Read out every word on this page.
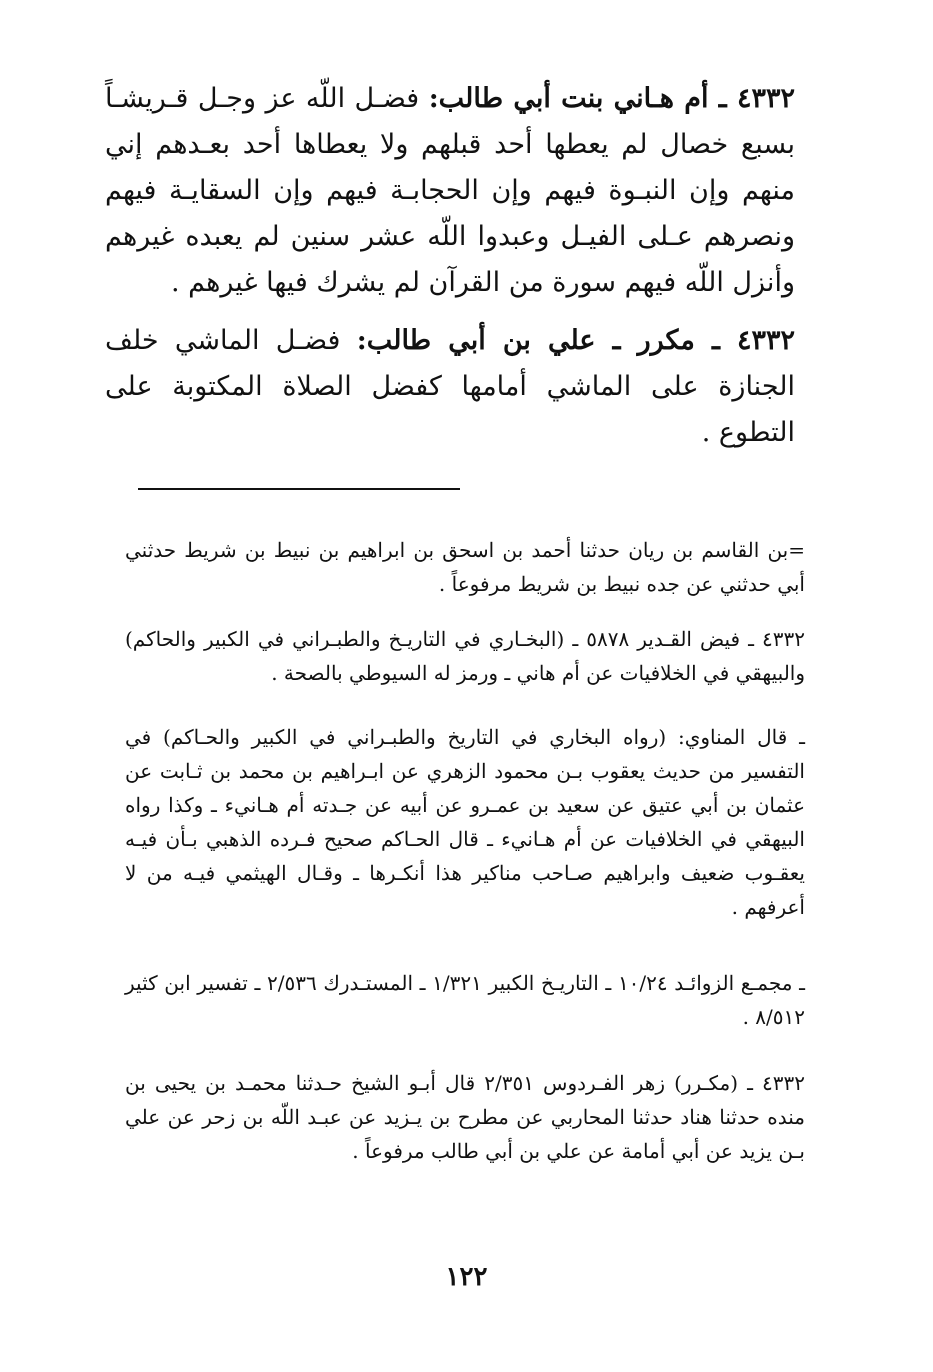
٤٣٣٢ ـ أم هـاني بنت أبي طالب: فضـل اللّه عز وجـل قـريشـاً بسبع خصال لم يعطها أحد قبلهم ولا يعطاها أحد بعـدهم إني منهم وإن النبـوة فيهم وإن الحجابـة فيهم وإن السقايـة فيهم ونصرهم عـلى الفيـل وعبدوا اللّه عشر سنين لم يعبده غيرهم وأنزل اللّه فيهم سورة من القرآن لم يشرك فيها غيرهم .
٤٣٣٢ ـ مكرر ـ علي بن أبي طالب: فضـل الماشي خلف الجنازة على الماشي أمامها كفضل الصلاة المكتوبة على التطوع .
=بن القاسم بن ريان حدثنا أحمد بن اسحق بن ابراهيم بن نبيط بن شريط حدثني أبي حدثني عن جده نبيط بن شريط مرفوعاً .
٤٣٣٢ ـ فيض القـدير ٥٨٧٨ ـ (البخـاري في التاريـخ والطبـراني في الكبير والحاكم) والبيهقي في الخلافيات عن أم هاني ـ ورمز له السيوطي بالصحة .
ـ قال المناوي: (رواه البخاري في التاريخ والطبـراني في الكبير والحـاكم) في التفسير من حديث يعقوب بـن محمود الزهري عن ابـراهيم بن محمد بن ثـابت عن عثمان بن أبي عتيق عن سعيد بن عمـرو عن أبيه عن جـدته أم هـانيء ـ وكذا رواه البيهقي في الخلافيات عن أم هـانيء ـ قال الحـاكم صحيح فـرده الذهبي بـأن فيـه يعقـوب ضعيف وابراهيم صـاحب مناكير هذا أنكـرها ـ وقـال الهيثمي فيـه من لا أعرفهم .
ـ مجمـع الزوائـد ١٠/٢٤ ـ التاريـخ الكبير ١/٣٢١ ـ المستـدرك ٢/٥٣٦ ـ تفسير ابن كثير ٨/٥١٢ .
٤٣٣٢ ـ (مكـرر) زهر الفـردوس ٢/٣٥١ قال أبـو الشيخ حـدثنا محمـد بن يحيى بن منده حدثنا هناد حدثنا المحاربي عن مطرح بن يـزيد عن عبـد اللّه بن زحر عن علي بـن يزيد عن أبي أمامة عن علي بن أبي طالب مرفوعاً .
١٢٢
